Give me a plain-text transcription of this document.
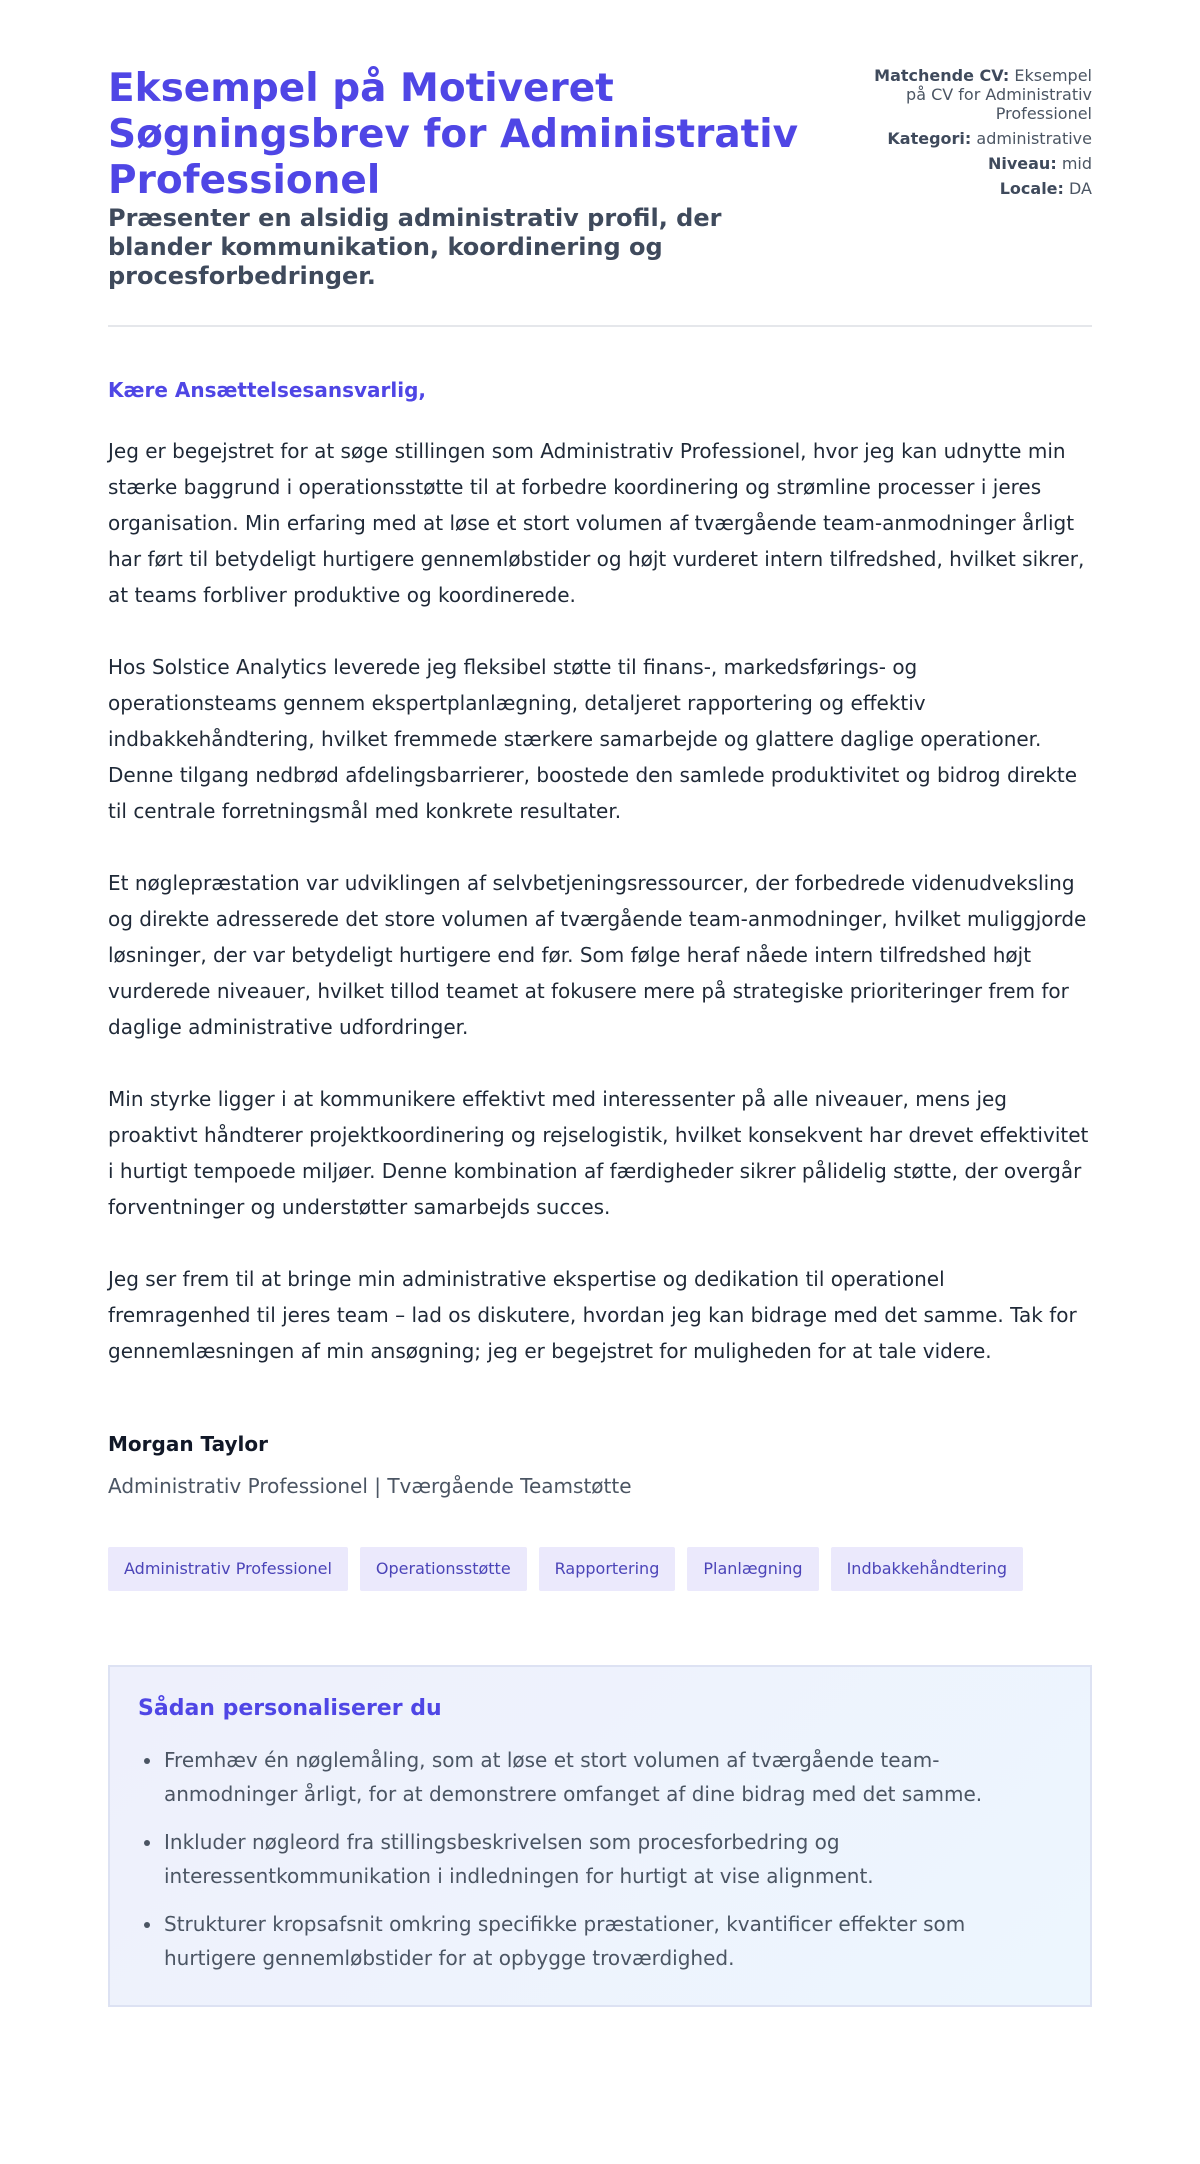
Eksempel på Motiveret Søgningsbrev for Administrativ Professionel
Præsenter en alsidig administrativ profil, der blander kommunikation, koordinering og procesforbedringer.
Matchende CV: Eksempel på CV for Administrativ Professionel
Kategori: administrative
Niveau: mid
Locale: DA

Kære Ansættelsesansvarlig,

Jeg er begejstret for at søge stillingen som Administrativ Professionel, hvor jeg kan udnytte min stærke baggrund i operationsstøtte til at forbedre koordinering og strømline processer i jeres organisation. Min erfaring med at løse et stort volumen af tværgående team-anmodninger årligt har ført til betydeligt hurtigere gennemløbstider og højt vurderet intern tilfredshed, hvilket sikrer, at teams forbliver produktive og koordinerede.

Hos Solstice Analytics leverede jeg fleksibel støtte til finans-, markedsførings- og operationsteams gennem ekspertplanlægning, detaljeret rapportering og effektiv indbakkehåndtering, hvilket fremmede stærkere samarbejde og glattere daglige operationer. Denne tilgang nedbrød afdelingsbarrierer, boostede den samlede produktivitet og bidrog direkte til centrale forretningsmål med konkrete resultater.

Et nøglepræstation var udviklingen af selvbetjeningsressourcer, der forbedrede videnudveksling og direkte adresserede det store volumen af tværgående team-anmodninger, hvilket muliggjorde løsninger, der var betydeligt hurtigere end før. Som følge heraf nåede intern tilfredshed højt vurderede niveauer, hvilket tillod teamet at fokusere mere på strategiske prioriteringer frem for daglige administrative udfordringer.

Min styrke ligger i at kommunikere effektivt med interessenter på alle niveauer, mens jeg proaktivt håndterer projektkoordinering og rejselogistik, hvilket konsekvent har drevet effektivitet i hurtigt tempoede miljøer. Denne kombination af færdigheder sikrer pålidelig støtte, der overgår forventninger og understøtter samarbejds succes.

Jeg ser frem til at bringe min administrative ekspertise og dedikation til operationel fremragenhed til jeres team – lad os diskutere, hvordan jeg kan bidrage med det samme. Tak for gennemlæsningen af min ansøgning; jeg er begejstret for muligheden for at tale videre.

Morgan Taylor
Administrativ Professionel | Tværgående Teamstøtte
Administrativ Professionel	Operationsstøtte	Rapportering	Planlægning	Indbakkehåndtering
Sådan personaliserer du
Fremhæv én nøglemåling, som at løse et stort volumen af tværgående team-anmodninger årligt, for at demonstrere omfanget af dine bidrag med det samme.
Inkluder nøgleord fra stillingsbeskrivelsen som procesforbedring og interessentkommunikation i indledningen for hurtigt at vise alignment.
Strukturer kropsafsnit omkring specifikke præstationer, kvantificer effekter som hurtigere gennemløbstider for at opbygge troværdighed.
